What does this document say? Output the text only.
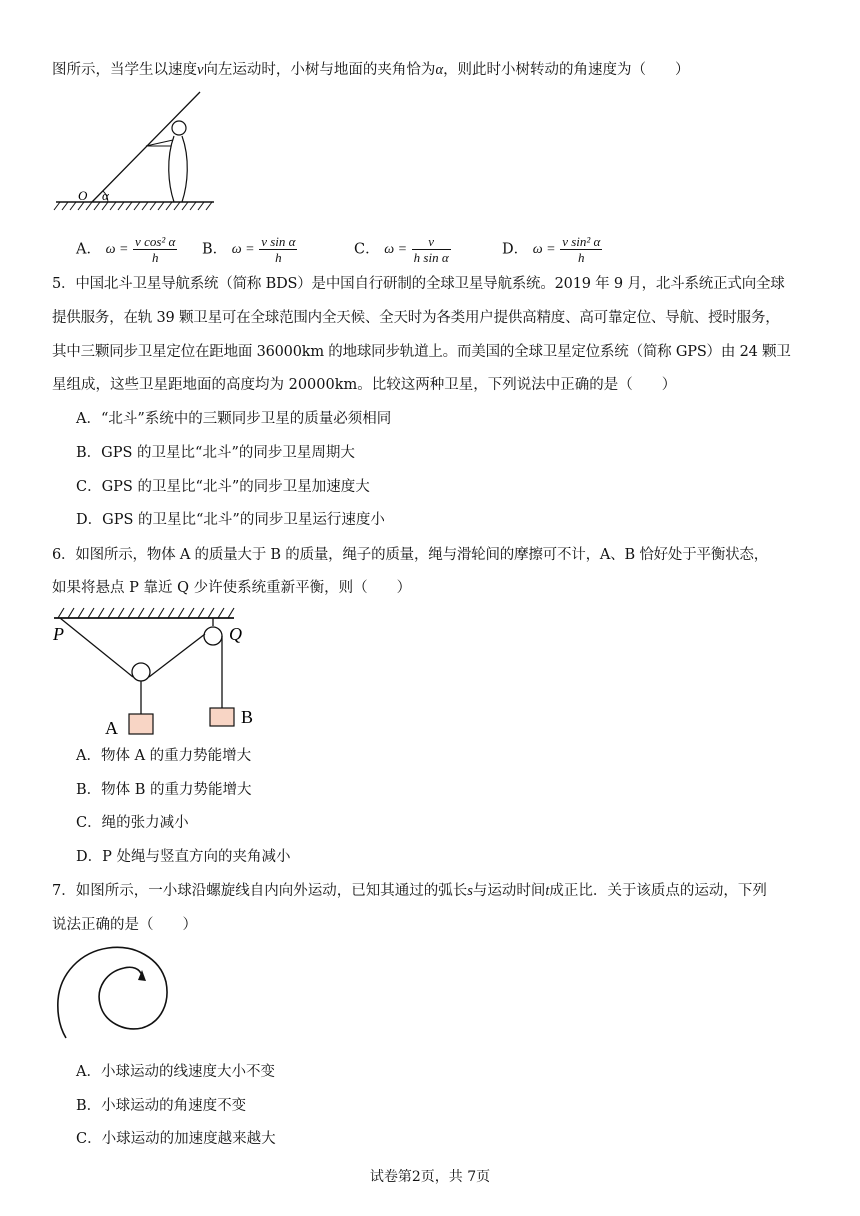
图所示，当学生以速度v向左运动时，小树与地面的夹角恰为α，则此时小树转动的角速度为（　　）
O α
A． $\omega = \frac{\text{v cos² α}}{h}$ B． $\omega = \frac{\text{v sin α}}{h}$	C． $\omega = \frac{v}{\text{h sin α}}$	D． $\omega = \frac{\text{v sin² α}}{h}$
5．中国北斗卫星导航系统（简称 BDS）是中国自行研制的全球卫星导航系统。2019 年 9 月，北斗系统正式向全球
提供服务，在轨 39 颗卫星可在全球范围内全天候、全天时为各类用户提供高精度、高可靠定位、导航、授时服务，
其中三颗同步卫星定位在距地面 36000km 的地球同步轨道上。而美国的全球卫星定位系统（简称 GPS）由 24 颗卫
星组成，这些卫星距地面的高度均为 20000km。比较这两种卫星，下列说法中正确的是（　　）
A．“北斗”系统中的三颗同步卫星的质量必须相同
B．GPS 的卫星比“北斗”的同步卫星周期大
C．GPS 的卫星比“北斗”的同步卫星加速度大
D．GPS 的卫星比“北斗”的同步卫星运行速度小
6．如图所示，物体 A 的质量大于 B 的质量，绳子的质量，绳与滑轮间的摩擦可不计，A、B 恰好处于平衡状态，
如果将悬点 P 靠近 Q 少许使系统重新平衡，则（　　）
P	Q
A
B
A．物体 A 的重力势能增大
B．物体 B 的重力势能增大
C．绳的张力减小
D．P 处绳与竖直方向的夹角减小
7．如图所示，一小球沿螺旋线自内向外运动，已知其通过的弧长s与运动时间t成正比．关于该质点的运动，下列
说法正确的是（　　）
A．小球运动的线速度大小不变
B．小球运动的角速度不变
C．小球运动的加速度越来越大
试卷第2页，共 7页
